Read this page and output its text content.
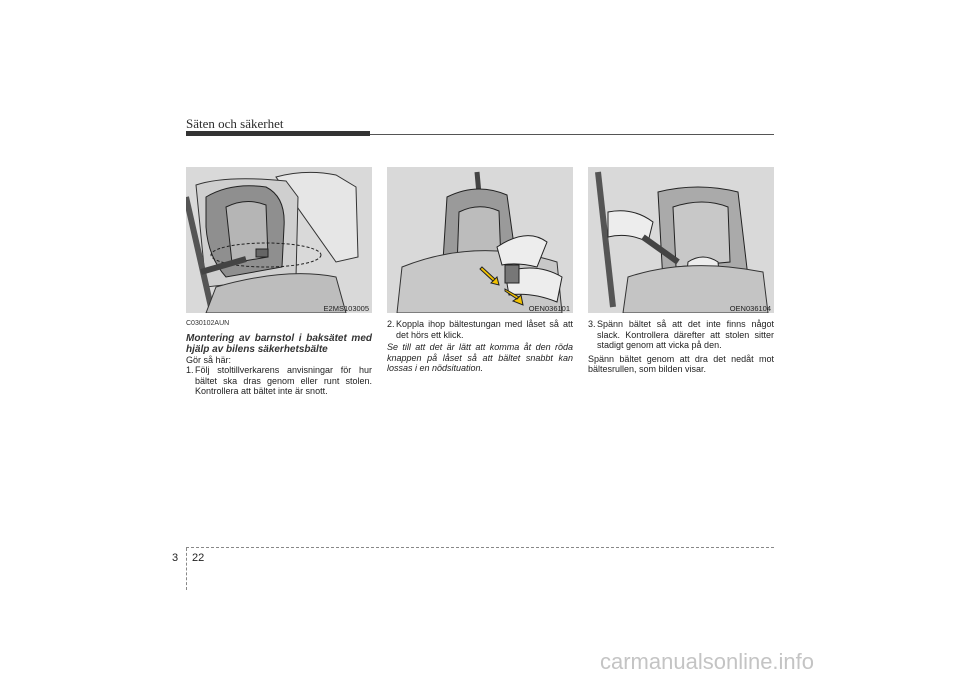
Säten och säkerhet
E2MS103005	OEN036101	OEN036104
C030102AUN
Montering av barnstol i baksätet med hjälp av bilens säkerhetsbälte

Gör så här:

1. Följ stoltillverkarens anvisningar för hur bältet ska dras genom eller runt stolen. Kontrollera att bältet inte är snott.
2. Koppla ihop bältestungan med låset så att det hörs ett klick.
Se till att det är lätt att komma åt den röda knappen på låset så att bältet snabbt kan lossas i en nödsituation.
3. Spänn bältet så att det inte finns något slack. Kontrollera därefter att stolen sitter stadigt genom att vicka på den.

Spänn bältet genom att dra det nedåt mot bältesrullen, som bilden visar.

3 22
carmanualsonline.info
